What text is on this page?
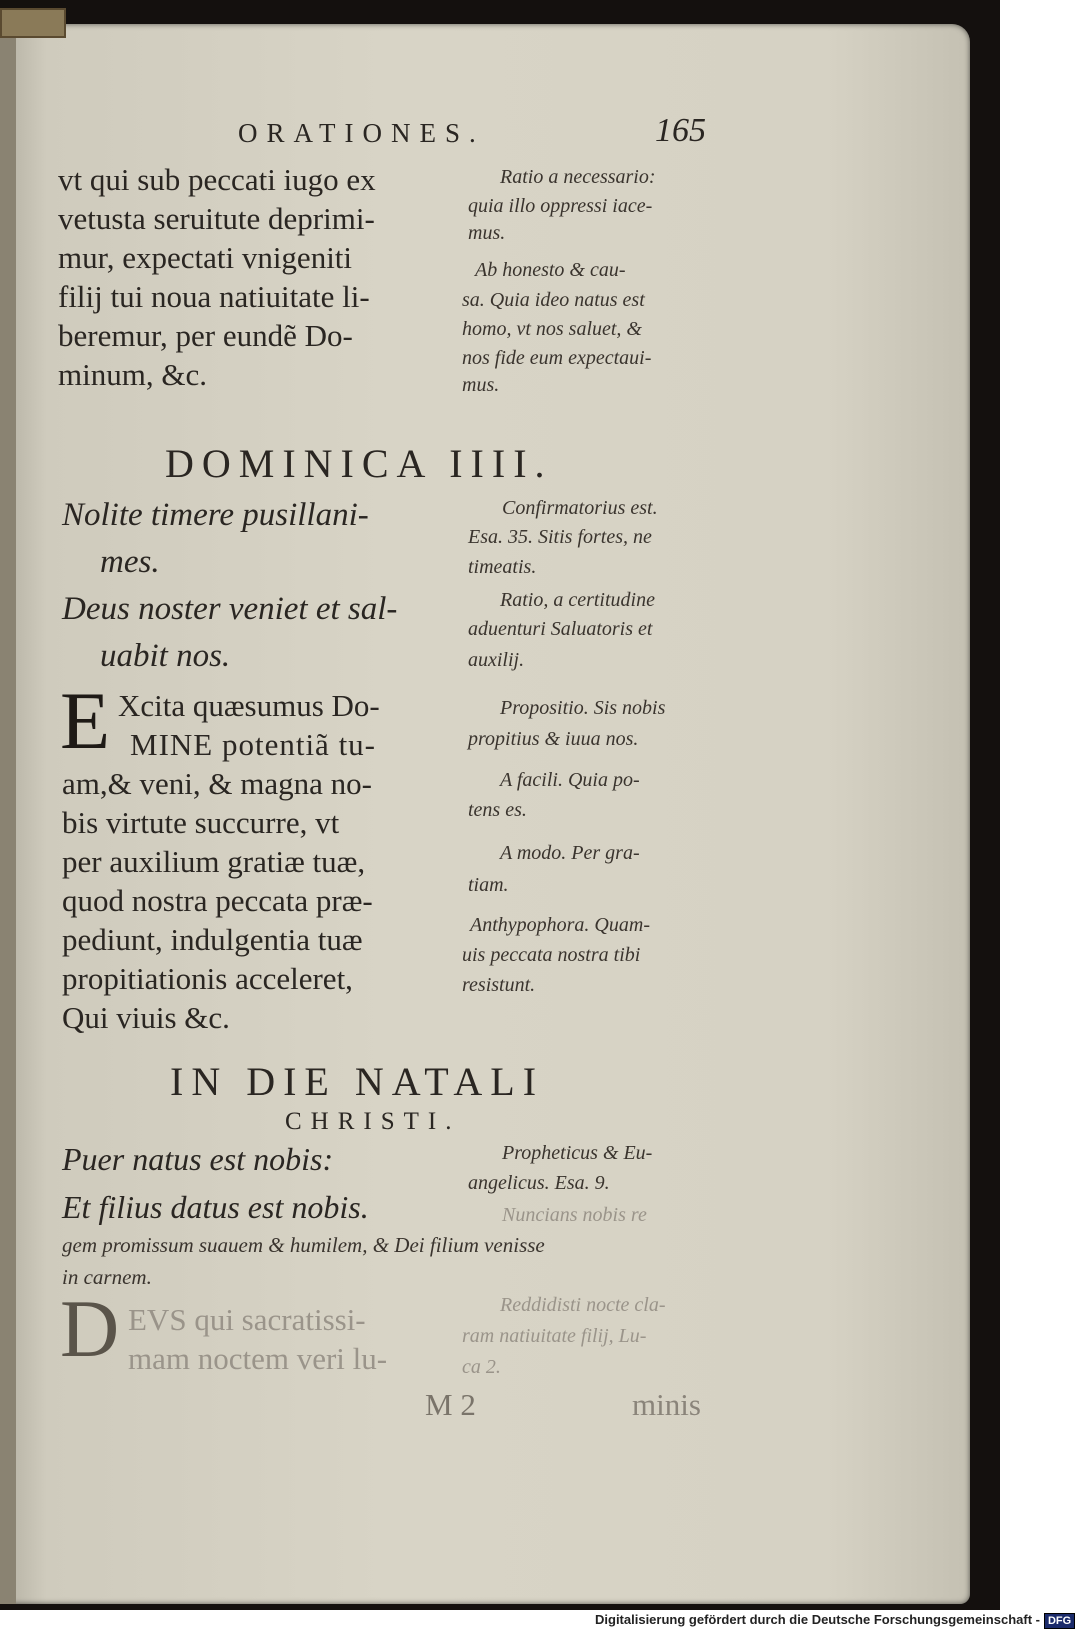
ORATIONES.	165
vt qui sub peccati iugo ex
vetusta seruitute deprimi-
mur, expectati vnigeniti
filij tui noua natiuitate li-
beremur, per eundẽ Do-
minum, &c.
Ratio a necessario:
quia illo oppressi iace-
mus.
Ab honesto & cau-
sa. Quia ideo natus est
homo, vt nos saluet, &
nos fide eum expectaui-
mus.
DOMINICA IIII.
Nolite timere pusillani-
mes.
Deus noster veniet et sal-
uabit nos.
E Xcita quæsumus Do-
MINE potentiã tu-
am,& veni, & magna no-
bis virtute succurre, vt
per auxilium gratiæ tuæ,
quod nostra peccata præ-
pediunt, indulgentia tuæ
propitiationis acceleret,
Qui viuis &c.
Confirmatorius est.
Esa. 35. Sitis fortes, ne
timeatis.
Ratio, a certitudine
aduenturi Saluatoris et
auxilij.
Propositio. Sis nobis
propitius & iuua nos.
A facili. Quia po-
tens es.
A modo. Per gra-
tiam.
Anthypophora. Quam-
uis peccata nostra tibi
resistunt.
IN DIE NATALI
CHRISTI.
Puer natus est nobis:
Et filius datus est nobis.
gem promissum suauem & humilem, & Dei filium venisse
in carnem.
D EVS qui sacratissi-
mam noctem veri lu-
Propheticus & Eu-
angelicus. Esa. 9.
Nuncians nobis re
Reddidisti nocte cla-
ram natiuitate filij, Lu-
ca 2.
M 2	minis
Digitalisierung gefördert durch die Deutsche Forschungsgemeinschaft - DFG
